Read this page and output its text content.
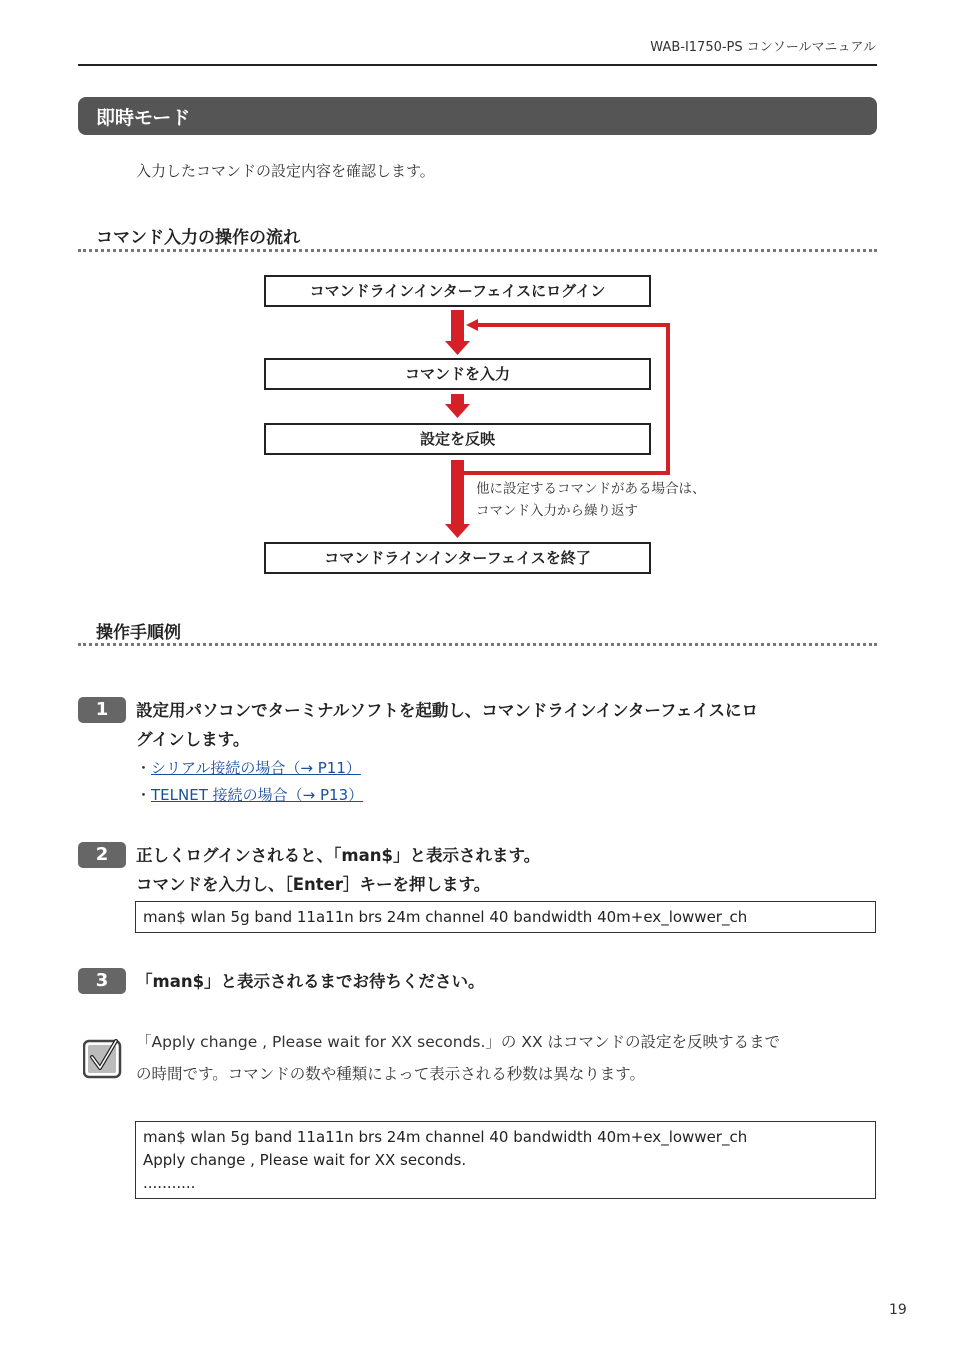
WAB-I1750-PS コンソールマニュアル
即時モード
入力したコマンドの設定内容を確認します。
コマンド入力の操作の流れ
コマンドラインインターフェイスにログイン
コマンドを入力
設定を反映
コマンドラインインターフェイスを終了
他に設定するコマンドがある場合は、
コマンド入力から繰り返す
操作手順例
1	設定用パソコンでターミナルソフトを起動し、コマンドラインインターフェイスにロ
グインします。
・シリアル接続の場合（→ P11）
・TELNET 接続の場合（→ P13）
2	正しくログインされると、「man$」と表示されます。
コマンドを入力し、［Enter］キーを押します。
man$ wlan 5g band 11a11n brs 24m channel 40 bandwidth 40m+ex_lowwer_ch
3	「man$」と表示されるまでお待ちください。
「Apply change , Please wait for XX seconds.」の XX はコマンドの設定を反映するまで
の時間です。コマンドの数や種類によって表示される秒数は異なります。
man$ wlan 5g band 11a11n brs 24m channel 40 bandwidth 40m+ex_lowwer_ch
Apply change , Please wait for XX seconds.
...........
19
